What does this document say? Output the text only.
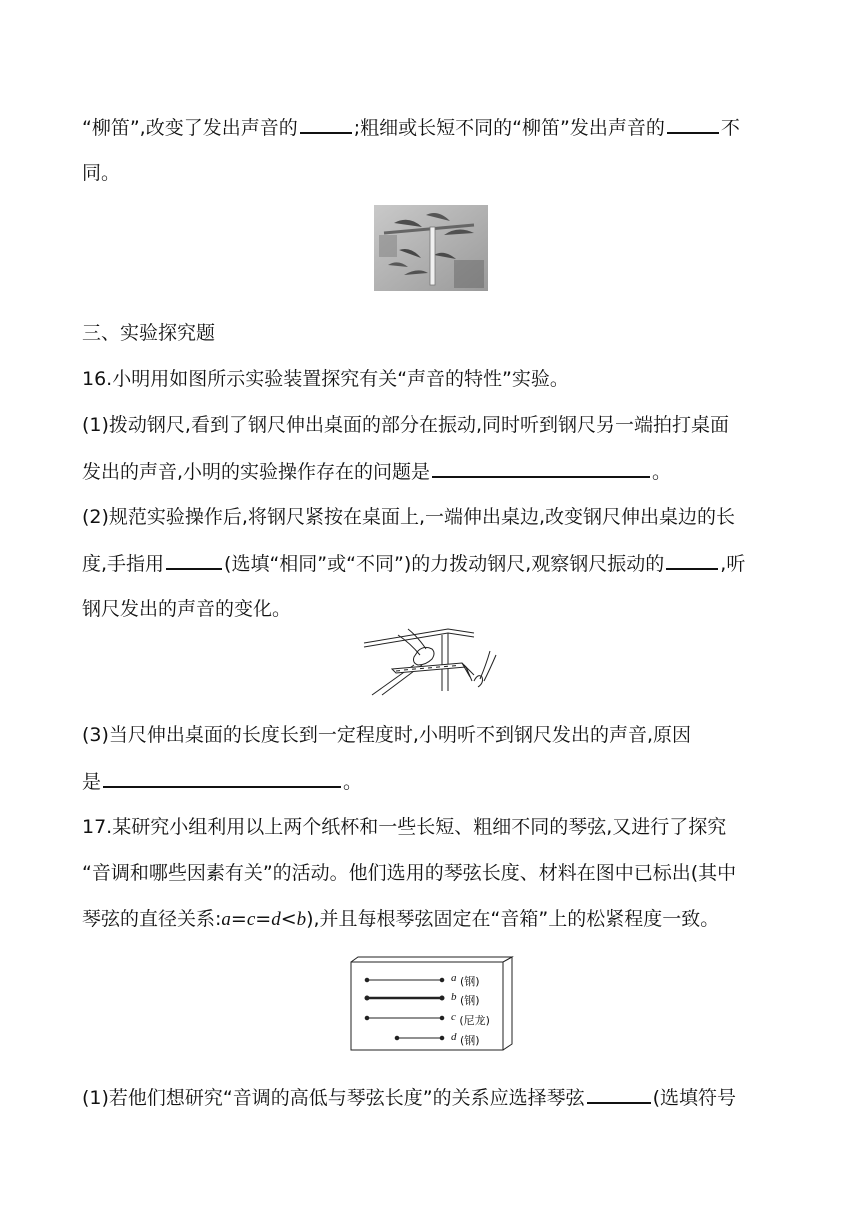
“柳笛”,改变了发出声音的	;粗细或长短不同的“柳笛”发出声音的	不
同。
三、实验探究题
16.小明用如图所示实验装置探究有关“声音的特性”实验。
(1)拨动钢尺,看到了钢尺伸出桌面的部分在振动,同时听到钢尺另一端拍打桌面
发出的声音,小明的实验操作存在的问题是	。
(2)规范实验操作后,将钢尺紧按在桌面上,一端伸出桌边,改变钢尺伸出桌边的长
度,手指用	(选填“相同”或“不同”)的力拨动钢尺,观察钢尺振动的	,听
钢尺发出的声音的变化。
(3)当尺伸出桌面的长度长到一定程度时,小明听不到钢尺发出的声音,原因
是	。
17.某研究小组利用以上两个纸杯和一些长短、粗细不同的琴弦,又进行了探究
“音调和哪些因素有关”的活动。他们选用的琴弦长度、材料在图中已标出(其中
琴弦的直径关系:a=c=d<b),并且每根琴弦固定在“音箱”上的松紧程度一致。
a (钢)
b (钢)
c (尼龙)
d (钢)
(1)若他们想研究“音调的高低与琴弦长度”的关系应选择琴弦	(选填符号
